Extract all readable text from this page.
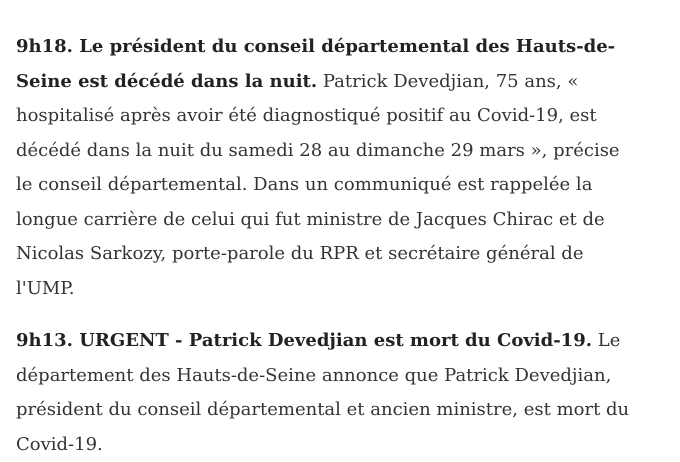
9h18. Le président du conseil départemental des Hauts-de-Seine est décédé dans la nuit. Patrick Devedjian, 75 ans, « hospitalisé après avoir été diagnostiqué positif au Covid-19, est décédé dans la nuit du samedi 28 au dimanche 29 mars », précise le conseil départemental. Dans un communiqué est rappelée la longue carrière de celui qui fut ministre de Jacques Chirac et de Nicolas Sarkozy, porte-parole du RPR et secrétaire général de l'UMP.

9h13. URGENT - Patrick Devedjian est mort du Covid-19. Le département des Hauts-de-Seine annonce que Patrick Devedjian, président du conseil départemental et ancien ministre, est mort du Covid-19.
